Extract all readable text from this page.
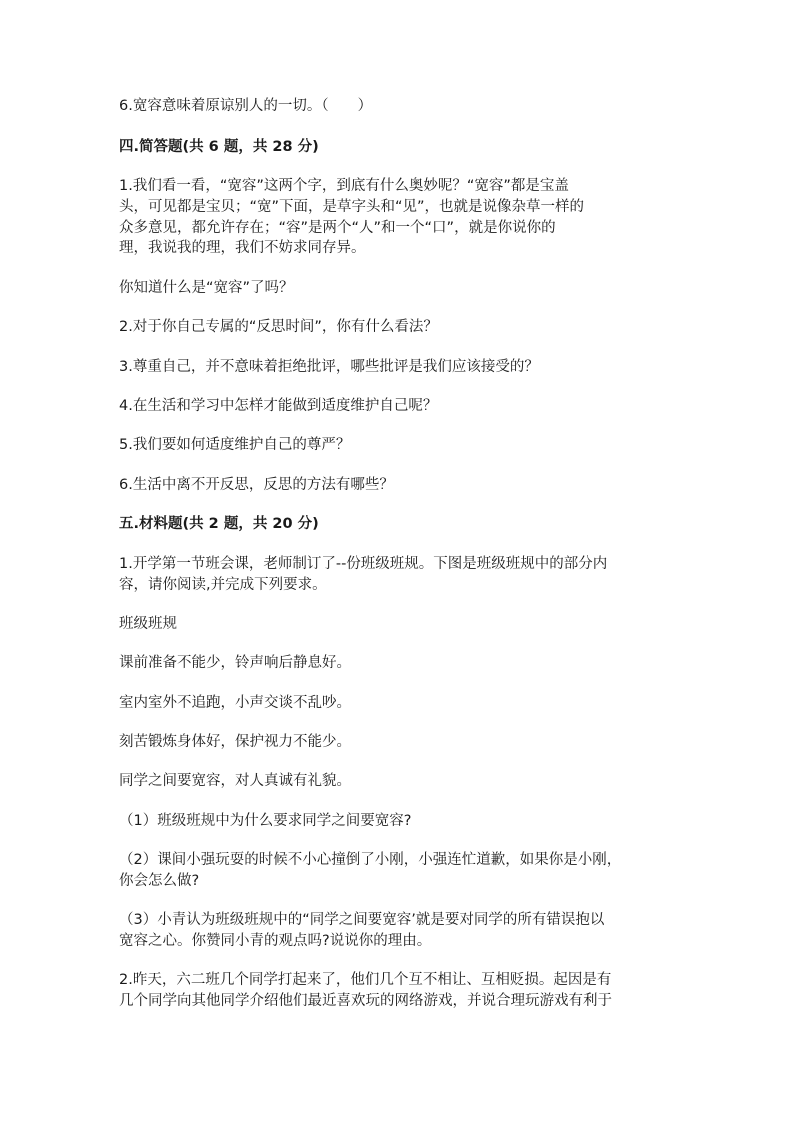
6.宽容意味着原谅别人的一切。（　　）
四.简答题(共 6 题，共 28 分)
1.我们看一看，“宽容”这两个字，到底有什么奥妙呢？“宽容”都是宝盖
头，可见都是宝贝；“宽”下面，是草字头和“见”，也就是说像杂草一样的
众多意见，都允许存在；“容”是两个“人”和一个“口”，就是你说你的
理，我说我的理，我们不妨求同存异。
你知道什么是“宽容”了吗？
2.对于你自己专属的“反思时间”，你有什么看法？
3.尊重自己，并不意味着拒绝批评，哪些批评是我们应该接受的？
4.在生活和学习中怎样才能做到适度维护自己呢？
5.我们要如何适度维护自己的尊严？
6.生活中离不开反思，反思的方法有哪些？
五.材料题(共 2 题，共 20 分)
1.开学第一节班会课，老师制订了--份班级班规。下图是班级班规中的部分内
容，请你阅读,并完成下列要求。
班级班规
课前准备不能少，铃声响后静息好。
室内室外不追跑，小声交谈不乱吵。
刻苦锻炼身体好，保护视力不能少。
同学之间要宽容，对人真诚有礼貌。
（1）班级班规中为什么要求同学之间要宽容?
（2）课间小强玩耍的时候不小心撞倒了小刚，小强连忙道歉，如果你是小刚，
你会怎么做?
（3）小青认为班级班规中的“同学之间要宽容’就是要对同学的所有错误抱以
宽容之心。你赞同小青的观点吗?说说你的理由。
2.昨天，六二班几个同学打起来了，他们几个互不相让、互相贬损。起因是有
几个同学向其他同学介绍他们最近喜欢玩的网络游戏，并说合理玩游戏有利于
